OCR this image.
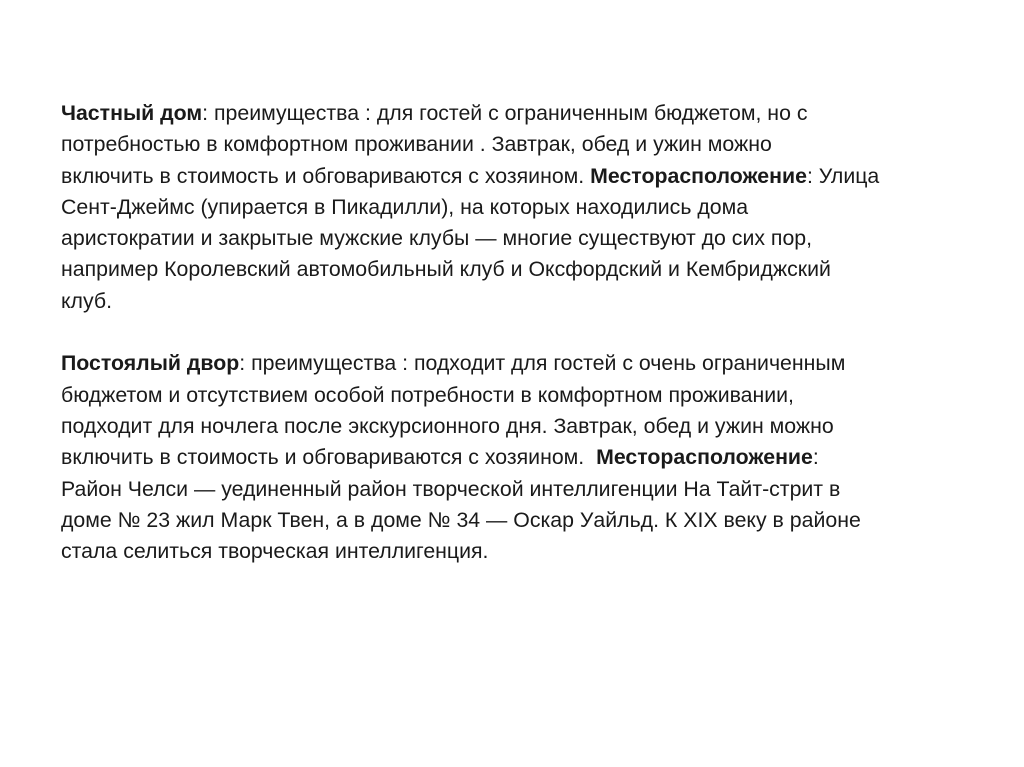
Частный дом: преимущества : для гостей с ограниченным бюджетом, но с
потребностью в комфортном проживании . Завтрак, обед и ужин можно
включить в стоимость и обговариваются с хозяином. Месторасположение: Улица
Сент-Джеймс (упирается в Пикадилли), на которых находились дома
аристократии и закрытые мужские клубы — многие существуют до сих пор,
например Королевский автомобильный клуб и Оксфордский и Кембриджский
клуб.
Постоялый двор: преимущества : подходит для гостей с очень ограниченным
бюджетом и отсутствием особой потребности в комфортном проживании,
подходит для ночлега после экскурсионного дня. Завтрак, обед и ужин можно
включить в стоимость и обговариваются с хозяином.  Месторасположение:
Район Челси — уединенный район творческой интеллигенции На Тайт-стрит в
доме № 23 жил Марк Твен, а в доме № 34 — Оскар Уайльд. К XIX веку в районе
стала селиться творческая интеллигенция.
